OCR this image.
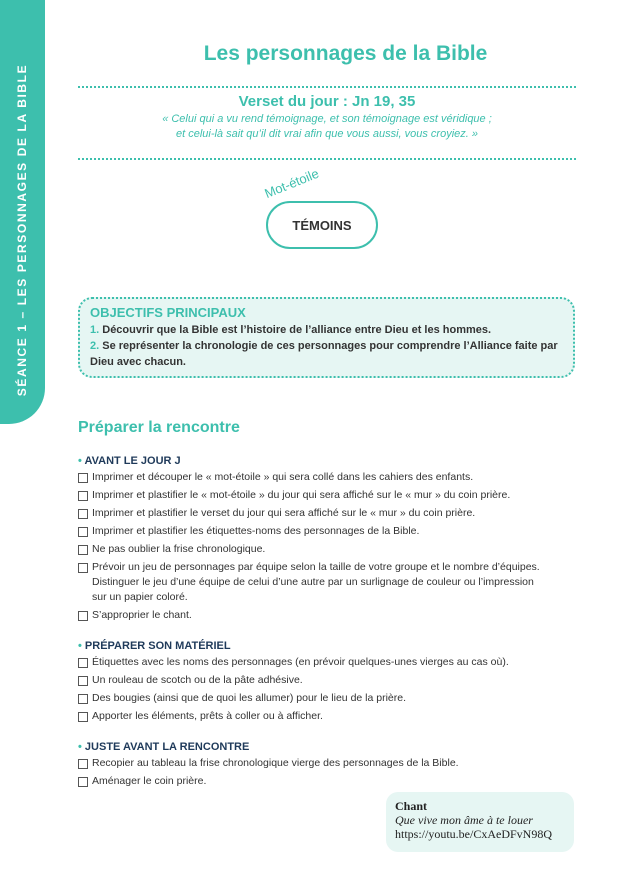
SÉANCE 1 – LES PERSONNAGES DE LA BIBLE
Les personnages de la Bible
Verset du jour : Jn 19, 35
« Celui qui a vu rend témoignage, et son témoignage est véridique ;
et celui-là sait qu’il dit vrai afin que vous aussi, vous croyiez. »
Mot-étoile
TÉMOINS
OBJECTIFS PRINCIPAUX
1. Découvrir que la Bible est l’histoire de l’alliance entre Dieu et les hommes.
2. Se représenter la chronologie de ces personnages pour comprendre l’Alliance faite par Dieu avec chacun.
Préparer la rencontre
• AVANT LE JOUR J
Imprimer et découper le « mot-étoile » qui sera collé dans les cahiers des enfants.
Imprimer et plastifier le « mot-étoile » du jour qui sera affiché sur le « mur » du coin prière.
Imprimer et plastifier le verset du jour qui sera affiché sur le « mur » du coin prière.
Imprimer et plastifier les étiquettes-noms des personnages de la Bible.
Ne pas oublier la frise chronologique.
Prévoir un jeu de personnages par équipe selon la taille de votre groupe et le nombre d’équipes. Distinguer le jeu d’une équipe de celui d’une autre par un surlignage de couleur ou l’impression sur un papier coloré.
S’approprier le chant.
• PRÉPARER SON MATÉRIEL
Étiquettes avec les noms des personnages (en prévoir quelques-unes vierges au cas où).
Un rouleau de scotch ou de la pâte adhésive.
Des bougies (ainsi que de quoi les allumer) pour le lieu de la prière.
Apporter les éléments, prêts à coller ou à afficher.
• JUSTE AVANT LA RENCONTRE
Recopier au tableau la frise chronologique vierge des personnages de la Bible.
Aménager le coin prière.
Chant
Que vive mon âme à te louer
https://youtu.be/CxAeDFvN98Q
